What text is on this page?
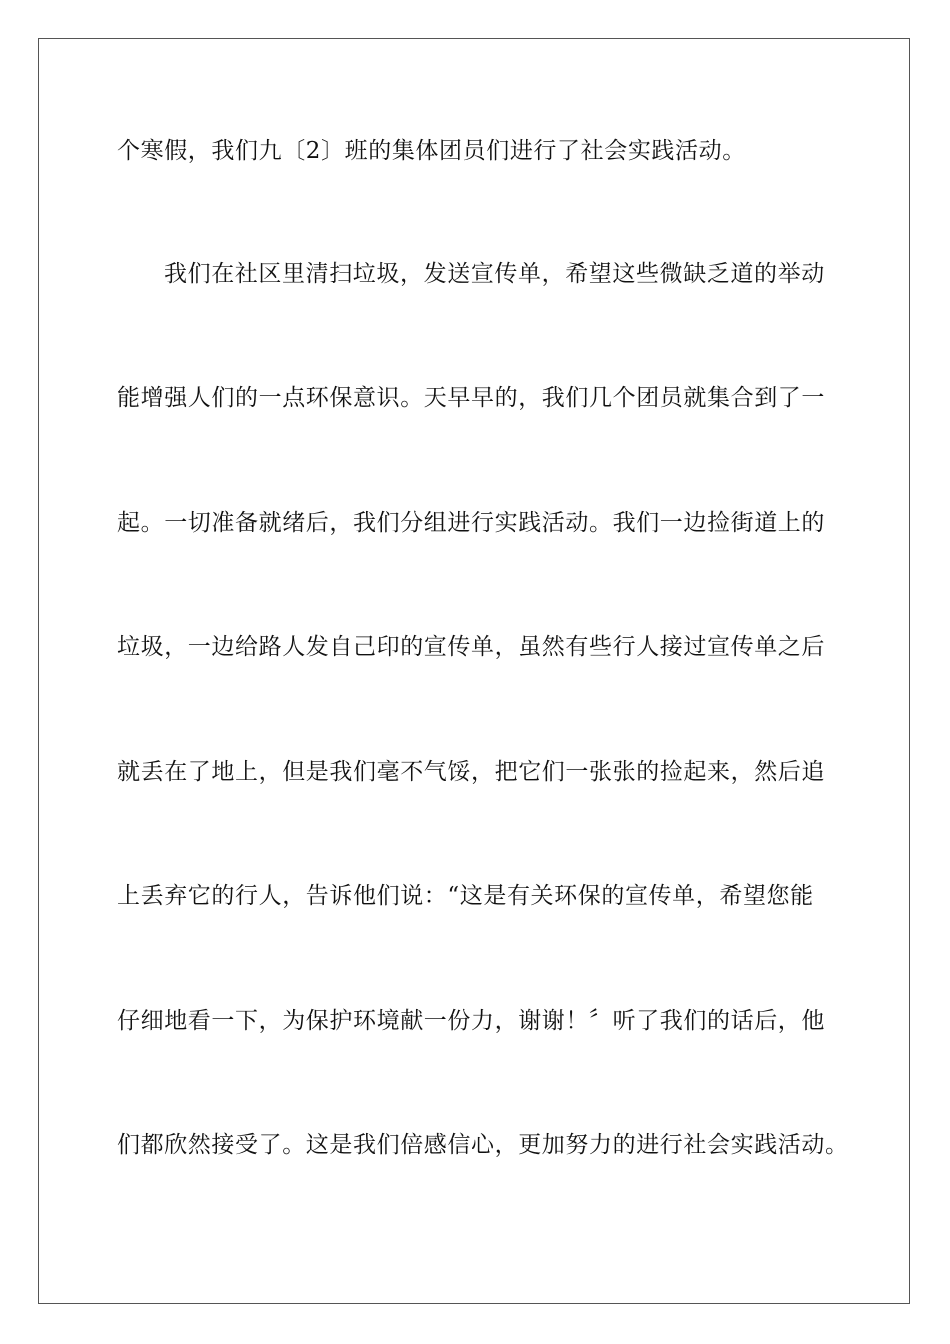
个寒假，我们九〔2〕班的集体团员们进行了社会实践活动。
我们在社区里清扫垃圾，发送宣传单，希望这些微缺乏道的举动
能增强人们的一点环保意识。天早早的，我们几个团员就集合到了一
起。一切准备就绪后，我们分组进行实践活动。我们一边捡街道上的
垃圾，一边给路人发自己印的宣传单，虽然有些行人接过宣传单之后
就丢在了地上，但是我们毫不气馁，把它们一张张的捡起来，然后追
上丢弃它的行人，告诉他们说：“这是有关环保的宣传单，希望您能
仔细地看一下，为保护环境献一份力，谢谢！〞听了我们的话后，他
们都欣然接受了。这是我们倍感信心，更加努力的进行社会实践活动。
